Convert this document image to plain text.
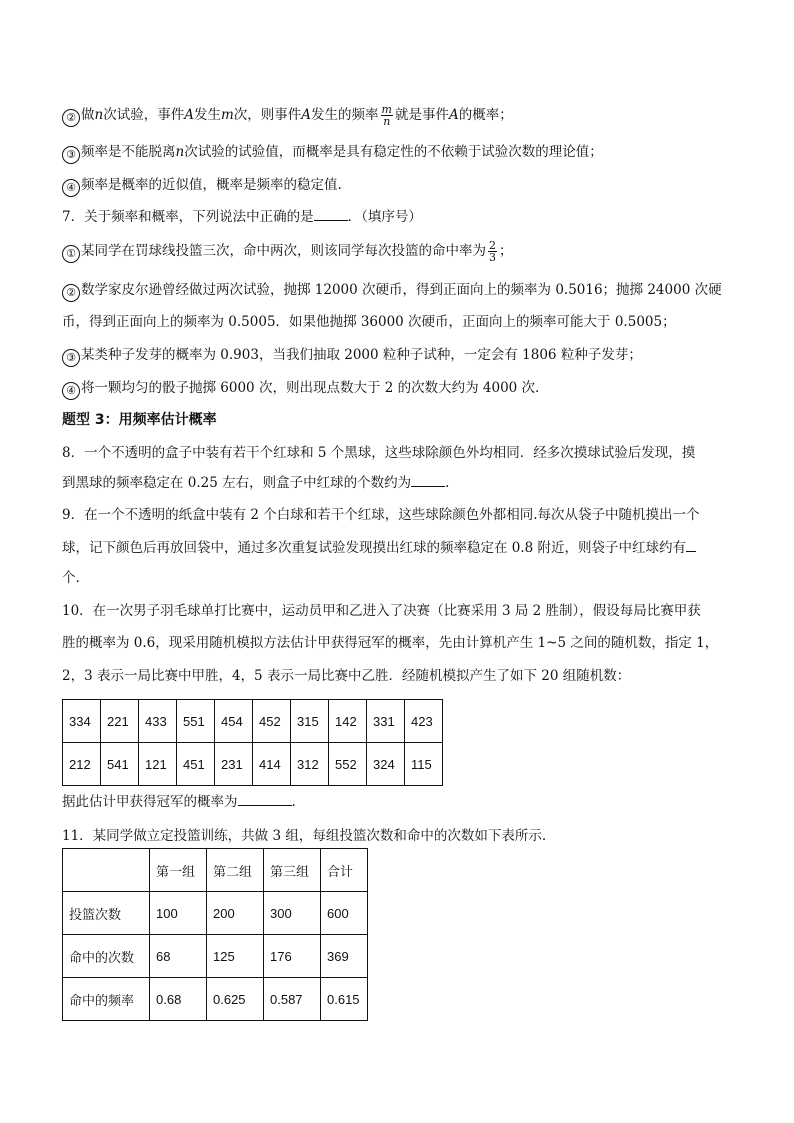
② 做n次试验，事件A发生m次，则事件A发生的频率 $\frac{m}{n}$ 就是事件A的概率；
③ 频率是不能脱离n次试验的试验值，而概率是具有稳定性的不依赖于试验次数的理论值；
④ 频率是概率的近似值，概率是频率的稳定值.
7．关于频率和概率，下列说法中正确的是	．（填序号）
① 某同学在罚球线投篮三次，命中两次，则该同学每次投篮的命中率为 $\frac{2}{3}$ ；
② 数学家皮尔逊曾经做过两次试验，抛掷 12000 次硬币，得到正面向上的频率为 0.5016；抛掷 24000 次硬
币，得到正面向上的频率为 0.5005．如果他抛掷 36000 次硬币，正面向上的频率可能大于 0.5005；
③ 某类种子发芽的概率为 0.903，当我们抽取 2000 粒种子试种，一定会有 1806 粒种子发芽；
④ 将一颗均匀的骰子抛掷 6000 次，则出现点数大于 2 的次数大约为 4000 次.
题型 3：用频率估计概率
8．一个不透明的盒子中装有若干个红球和 5 个黑球，这些球除颜色外均相同．经多次摸球试验后发现，摸
到黑球的频率稳定在 0.25 左右，则盒子中红球的个数约为	.
9．在一个不透明的纸盒中装有 2 个白球和若干个红球，这些球除颜色外都相同.每次从袋子中随机摸出一个
球，记下颜色后再放回袋中，通过多次重复试验发现摸出红球的频率稳定在 0.8 附近，则袋子中红球约有
个.
10．在一次男子羽毛球单打比赛中，运动员甲和乙进入了决赛（比赛采用 3 局 2 胜制），假设每局比赛甲获
胜的概率为 0.6，现采用随机模拟方法估计甲获得冠军的概率，先由计算机产生 1~5 之间的随机数，指定 1，
2，3 表示一局比赛中甲胜，4，5 表示一局比赛中乙胜．经随机模拟产生了如下 20 组随机数：
334	221	433	551	454	452	315	142	331	423
212	541	121	451	231	414	312	552	324	115
据此估计甲获得冠军的概率为	.
11．某同学做立定投篮训练，共做 3 组，每组投篮次数和命中的次数如下表所示.
	第一组	第二组	第三组	合计
投篮次数	100	200	300	600
命中的次数	68	125	176	369
命中的频率	0.68	0.625	0.587	0.615
